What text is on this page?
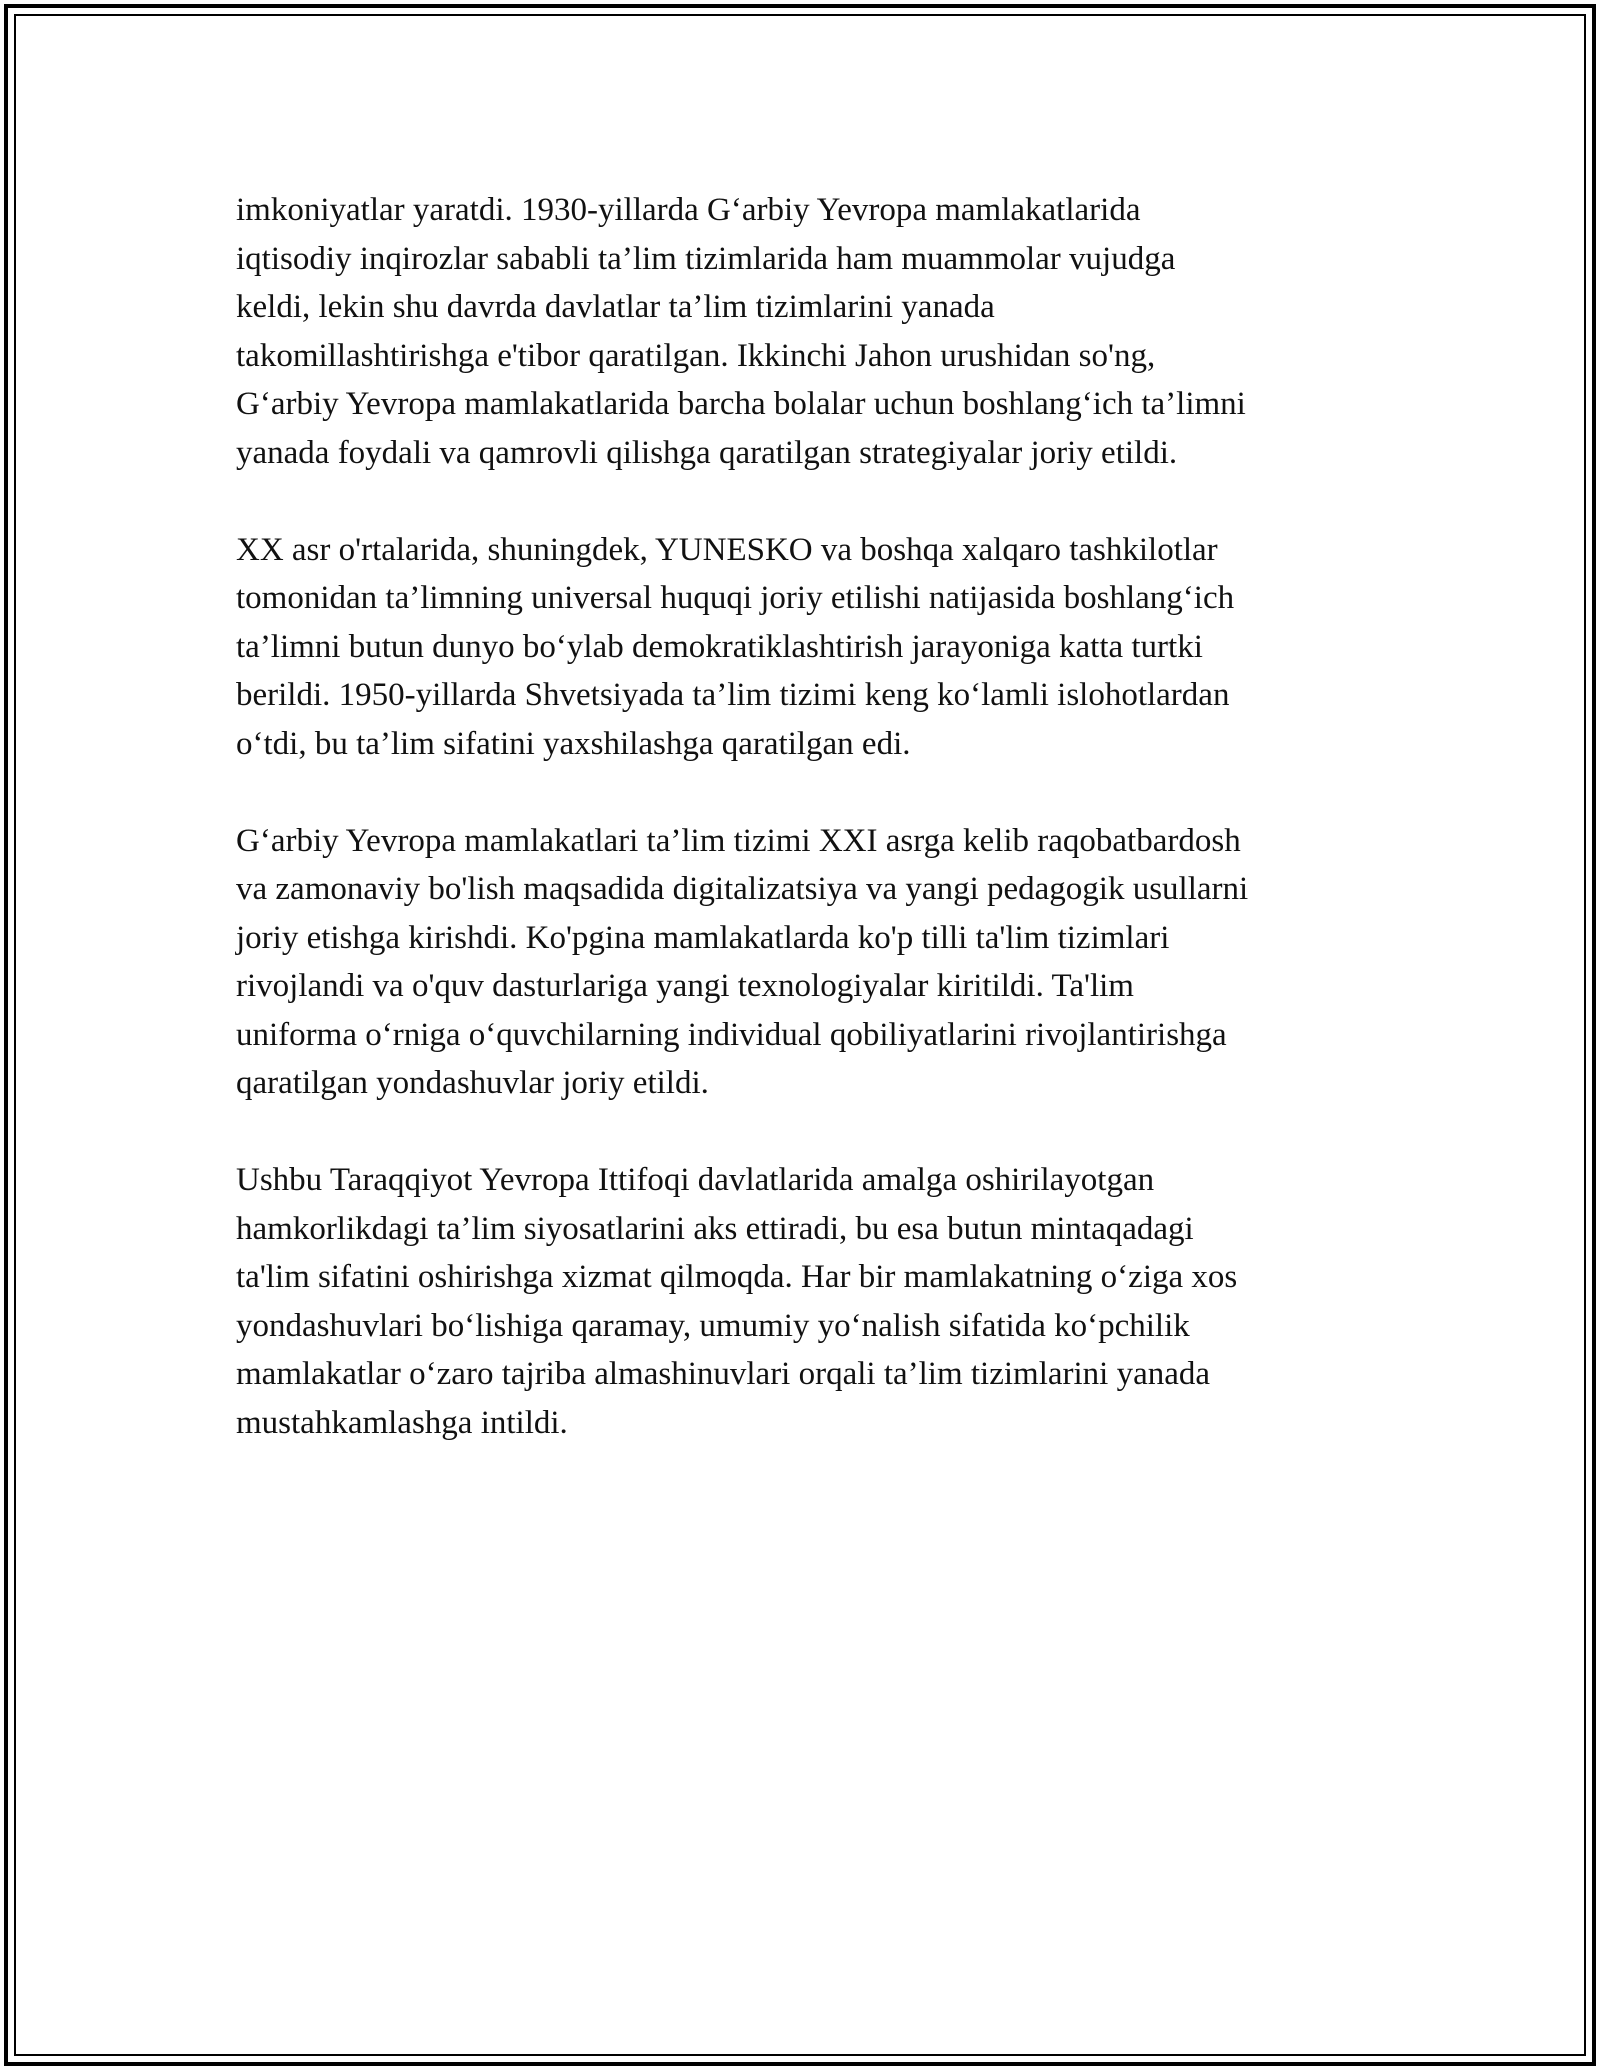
imkoniyatlar yaratdi. 1930-yillarda G‘arbiy Yevropa mamlakatlarida
iqtisodiy inqirozlar sababli ta’lim tizimlarida ham muammolar vujudga
keldi, lekin shu davrda davlatlar ta’lim tizimlarini yanada
takomillashtirishga e'tibor qaratilgan. Ikkinchi Jahon urushidan so'ng,
G‘arbiy Yevropa mamlakatlarida barcha bolalar uchun boshlang‘ich ta’limni
yanada foydali va qamrovli qilishga qaratilgan strategiyalar joriy etildi.

XX asr o'rtalarida, shuningdek, YUNESKO va boshqa xalqaro tashkilotlar
tomonidan ta’limning universal huquqi joriy etilishi natijasida boshlang‘ich
ta’limni butun dunyo bo‘ylab demokratiklashtirish jarayoniga katta turtki
berildi. 1950-yillarda Shvetsiyada ta’lim tizimi keng ko‘lamli islohotlardan
o‘tdi, bu ta’lim sifatini yaxshilashga qaratilgan edi.

G‘arbiy Yevropa mamlakatlari ta’lim tizimi XXI asrga kelib raqobatbardosh
va zamonaviy bo'lish maqsadida digitalizatsiya va yangi pedagogik usullarni
joriy etishga kirishdi. Ko'pgina mamlakatlarda ko'p tilli ta'lim tizimlari
rivojlandi va o'quv dasturlariga yangi texnologiyalar kiritildi. Ta'lim
uniforma o‘rniga o‘quvchilarning individual qobiliyatlarini rivojlantirishga
qaratilgan yondashuvlar joriy etildi.

Ushbu Taraqqiyot Yevropa Ittifoqi davlatlarida amalga oshirilayotgan
hamkorlikdagi ta’lim siyosatlarini aks ettiradi, bu esa butun mintaqadagi
ta'lim sifatini oshirishga xizmat qilmoqda. Har bir mamlakatning o‘ziga xos
yondashuvlari bo‘lishiga qaramay, umumiy yo‘nalish sifatida ko‘pchilik
mamlakatlar o‘zaro tajriba almashinuvlari orqali ta’lim tizimlarini yanada
mustahkamlashga intildi.
